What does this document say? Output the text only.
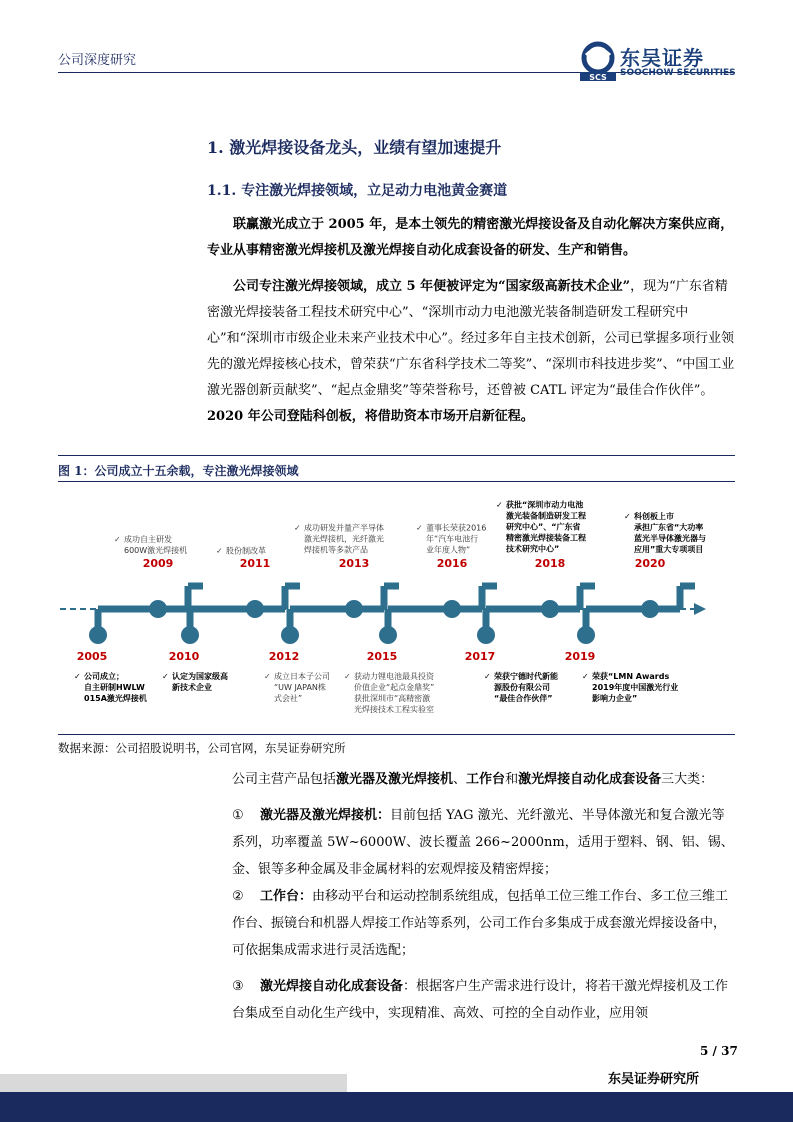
公司深度研究
SCS
东吴证券
SOOCHOW SECURITIES
1. 激光焊接设备龙头，业绩有望加速提升
1.1. 专注激光焊接领域，立足动力电池黄金赛道
联赢激光成立于 2005 年，是本土领先的精密激光焊接设备及自动化解决方案供应商，专业从事精密激光焊接机及激光焊接自动化成套设备的研发、生产和销售。
公司专注激光焊接领域，成立 5 年便被评定为“国家级高新技术企业”，现为“广东省精密激光焊接装备工程技术研究中心”、“深圳市动力电池激光装备制造研发工程研究中心”和“深圳市市级企业未来产业技术中心”。经过多年自主技术创新，公司已掌握多项行业领先的激光焊接核心技术，曾荣获“广东省科学技术二等奖”、“深圳市科技进步奖”、“中国工业激光器创新贡献奖”、“起点金鼎奖”等荣誉称号，还曾被 CATL 评定为“最佳合作伙伴”。2020 年公司登陆科创板，将借助资本市场开启新征程。
图 1：公司成立十五余载，专注激光焊接领域
✓ 成功自主研发
600W激光焊接机
2009
✓ 股份制改革
2011
✓ 成功研发并量产半导体
激光焊接机，光纤激光
焊接机等多款产品
2013
✓ 董事长荣获2016
年“汽车电池行
业年度人物”
2016
✓ 获批“深圳市动力电池
激光装备制造研发工程
研究中心”、“广东省
精密激光焊接装备工程
技术研究中心”
2018
✓ 科创板上市
承担广东省“大功率
蓝光半导体激光器与
应用”重大专项项目
2020
2005
✓ 公司成立；
自主研制HWLW
015A激光焊接机
2010
✓ 认定为国家级高
新技术企业
2012
✓ 成立日本子公司
“UW JAPAN株
式会社”
2015
✓ 获动力锂电池最具投资
价值企业“起点金鼎奖”
获批深圳市“高精密激
光焊接技术工程实验室
2017
✓ 荣获宁德时代新能
源股份有限公司
“最佳合作伙伴”
2019
✓ 荣获“LMN Awards
2019年度中国激光行业
影响力企业”
数据来源：公司招股说明书，公司官网，东吴证券研究所
公司主营产品包括激光器及激光焊接机、工作台和激光焊接自动化成套设备三大类：
① 激光器及激光焊接机：目前包括 YAG 激光、光纤激光、半导体激光和复合激光等系列，功率覆盖 5W~6000W、波长覆盖 266~2000nm，适用于塑料、钢、铝、锡、金、银等多种金属及非金属材料的宏观焊接及精密焊接；
② 工作台：由移动平台和运动控制系统组成，包括单工位三维工作台、多工位三维工作台、振镜台和机器人焊接工作站等系列，公司工作台多集成于成套激光焊接设备中，可依据集成需求进行灵活选配；
③ 激光焊接自动化成套设备：根据客户生产需求进行设计，将若干激光焊接机及工作台集成至自动化生产线中，实现精准、高效、可控的全自动作业，应用领
5 / 37
东吴证券研究所
